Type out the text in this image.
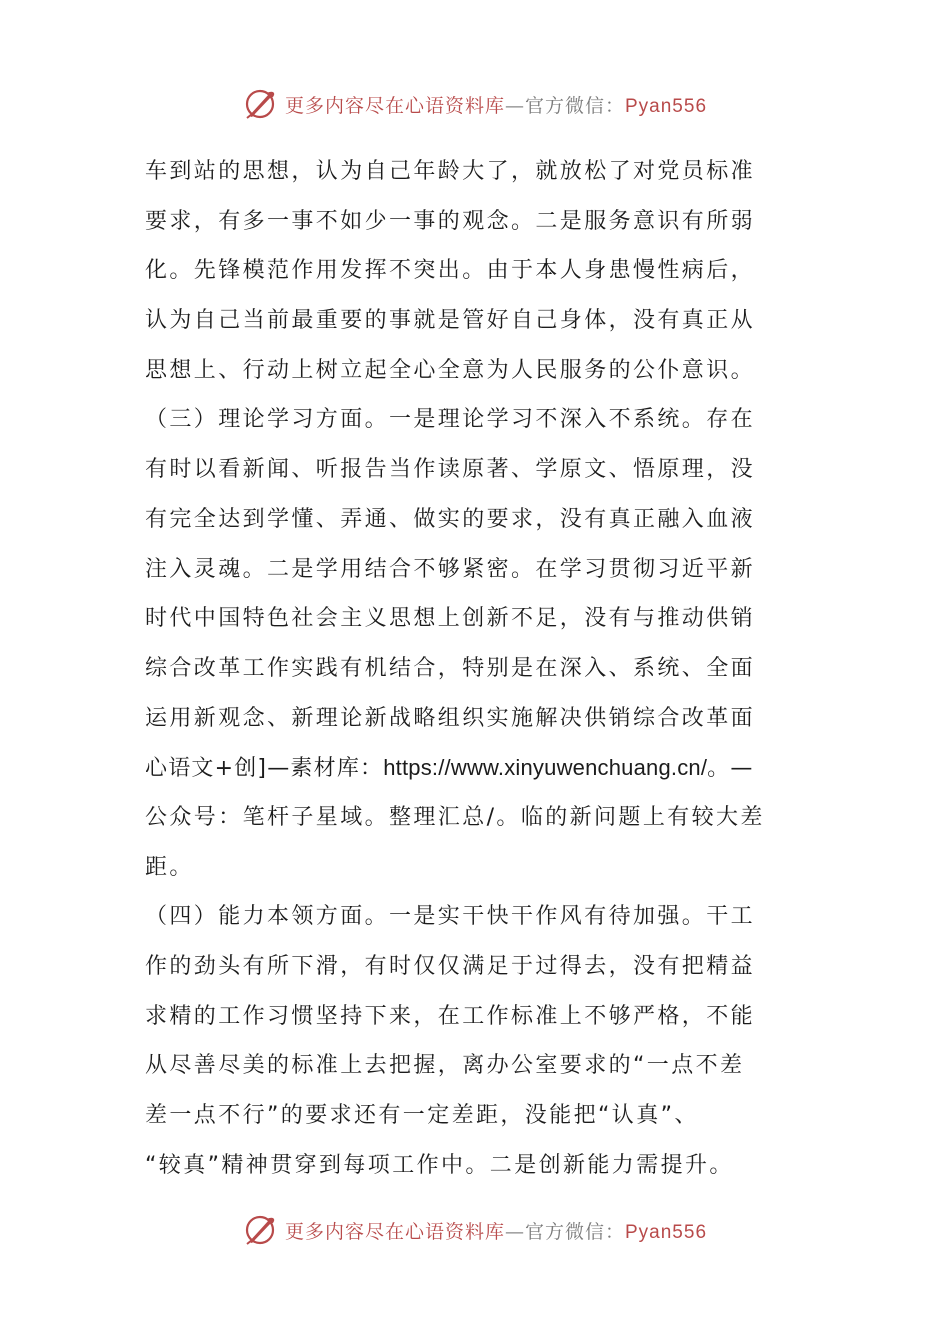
更多内容尽在心语资料库—官方微信：Pyan556
车到站的思想，认为自己年龄大了，就放松了对党员标准
要求，有多一事不如少一事的观念。二是服务意识有所弱
化。先锋模范作用发挥不突出。由于本人身患慢性病后，
认为自己当前最重要的事就是管好自己身体，没有真正从
思想上、行动上树立起全心全意为人民服务的公仆意识。
（三）理论学习方面。一是理论学习不深入不系统。存在
有时以看新闻、听报告当作读原著、学原文、悟原理，没
有完全达到学懂、弄通、做实的要求，没有真正融入血液
注入灵魂。二是学用结合不够紧密。在学习贯彻习近平新
时代中国特色社会主义思想上创新不足，没有与推动供销
综合改革工作实践有机结合，特别是在深入、系统、全面
运用新观念、新理论新战略组织实施解决供销综合改革面
心语文+创]—素材库：https://www.xinyuwenchuang.cn/。—
公众号：笔杆子星域。整理汇总/。临的新问题上有较大差
距。
（四）能力本领方面。一是实干快干作风有待加强。干工
作的劲头有所下滑，有时仅仅满足于过得去，没有把精益
求精的工作习惯坚持下来，在工作标准上不够严格，不能
从尽善尽美的标准上去把握，离办公室要求的“一点不差
差一点不行”的要求还有一定差距，没能把“认真”、
“较真”精神贯穿到每项工作中。二是创新能力需提升。
更多内容尽在心语资料库—官方微信：Pyan556
